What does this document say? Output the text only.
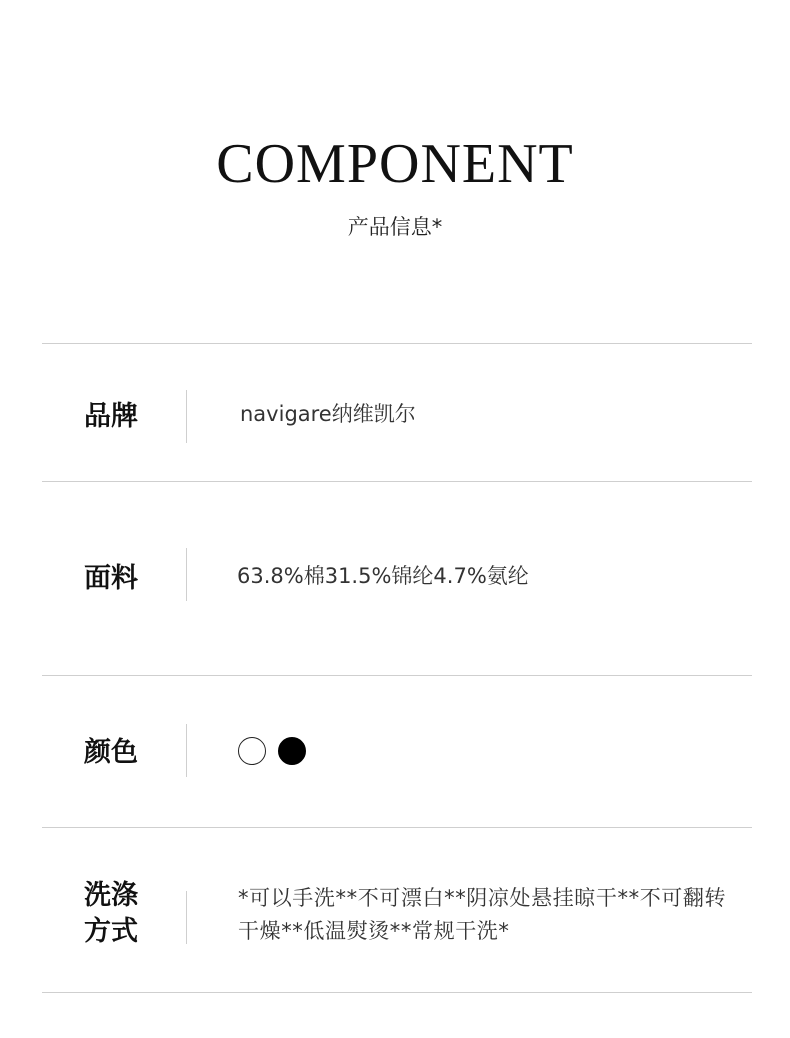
COMPONENT
产品信息*
品牌	navigare纳维凯尔
面料	63.8%棉31.5%锦纶4.7%氨纶
颜色
洗涤
方式
*可以手洗**不可漂白**阴凉处悬挂晾干**不可翻转干燥**低温熨烫**常规干洗*
